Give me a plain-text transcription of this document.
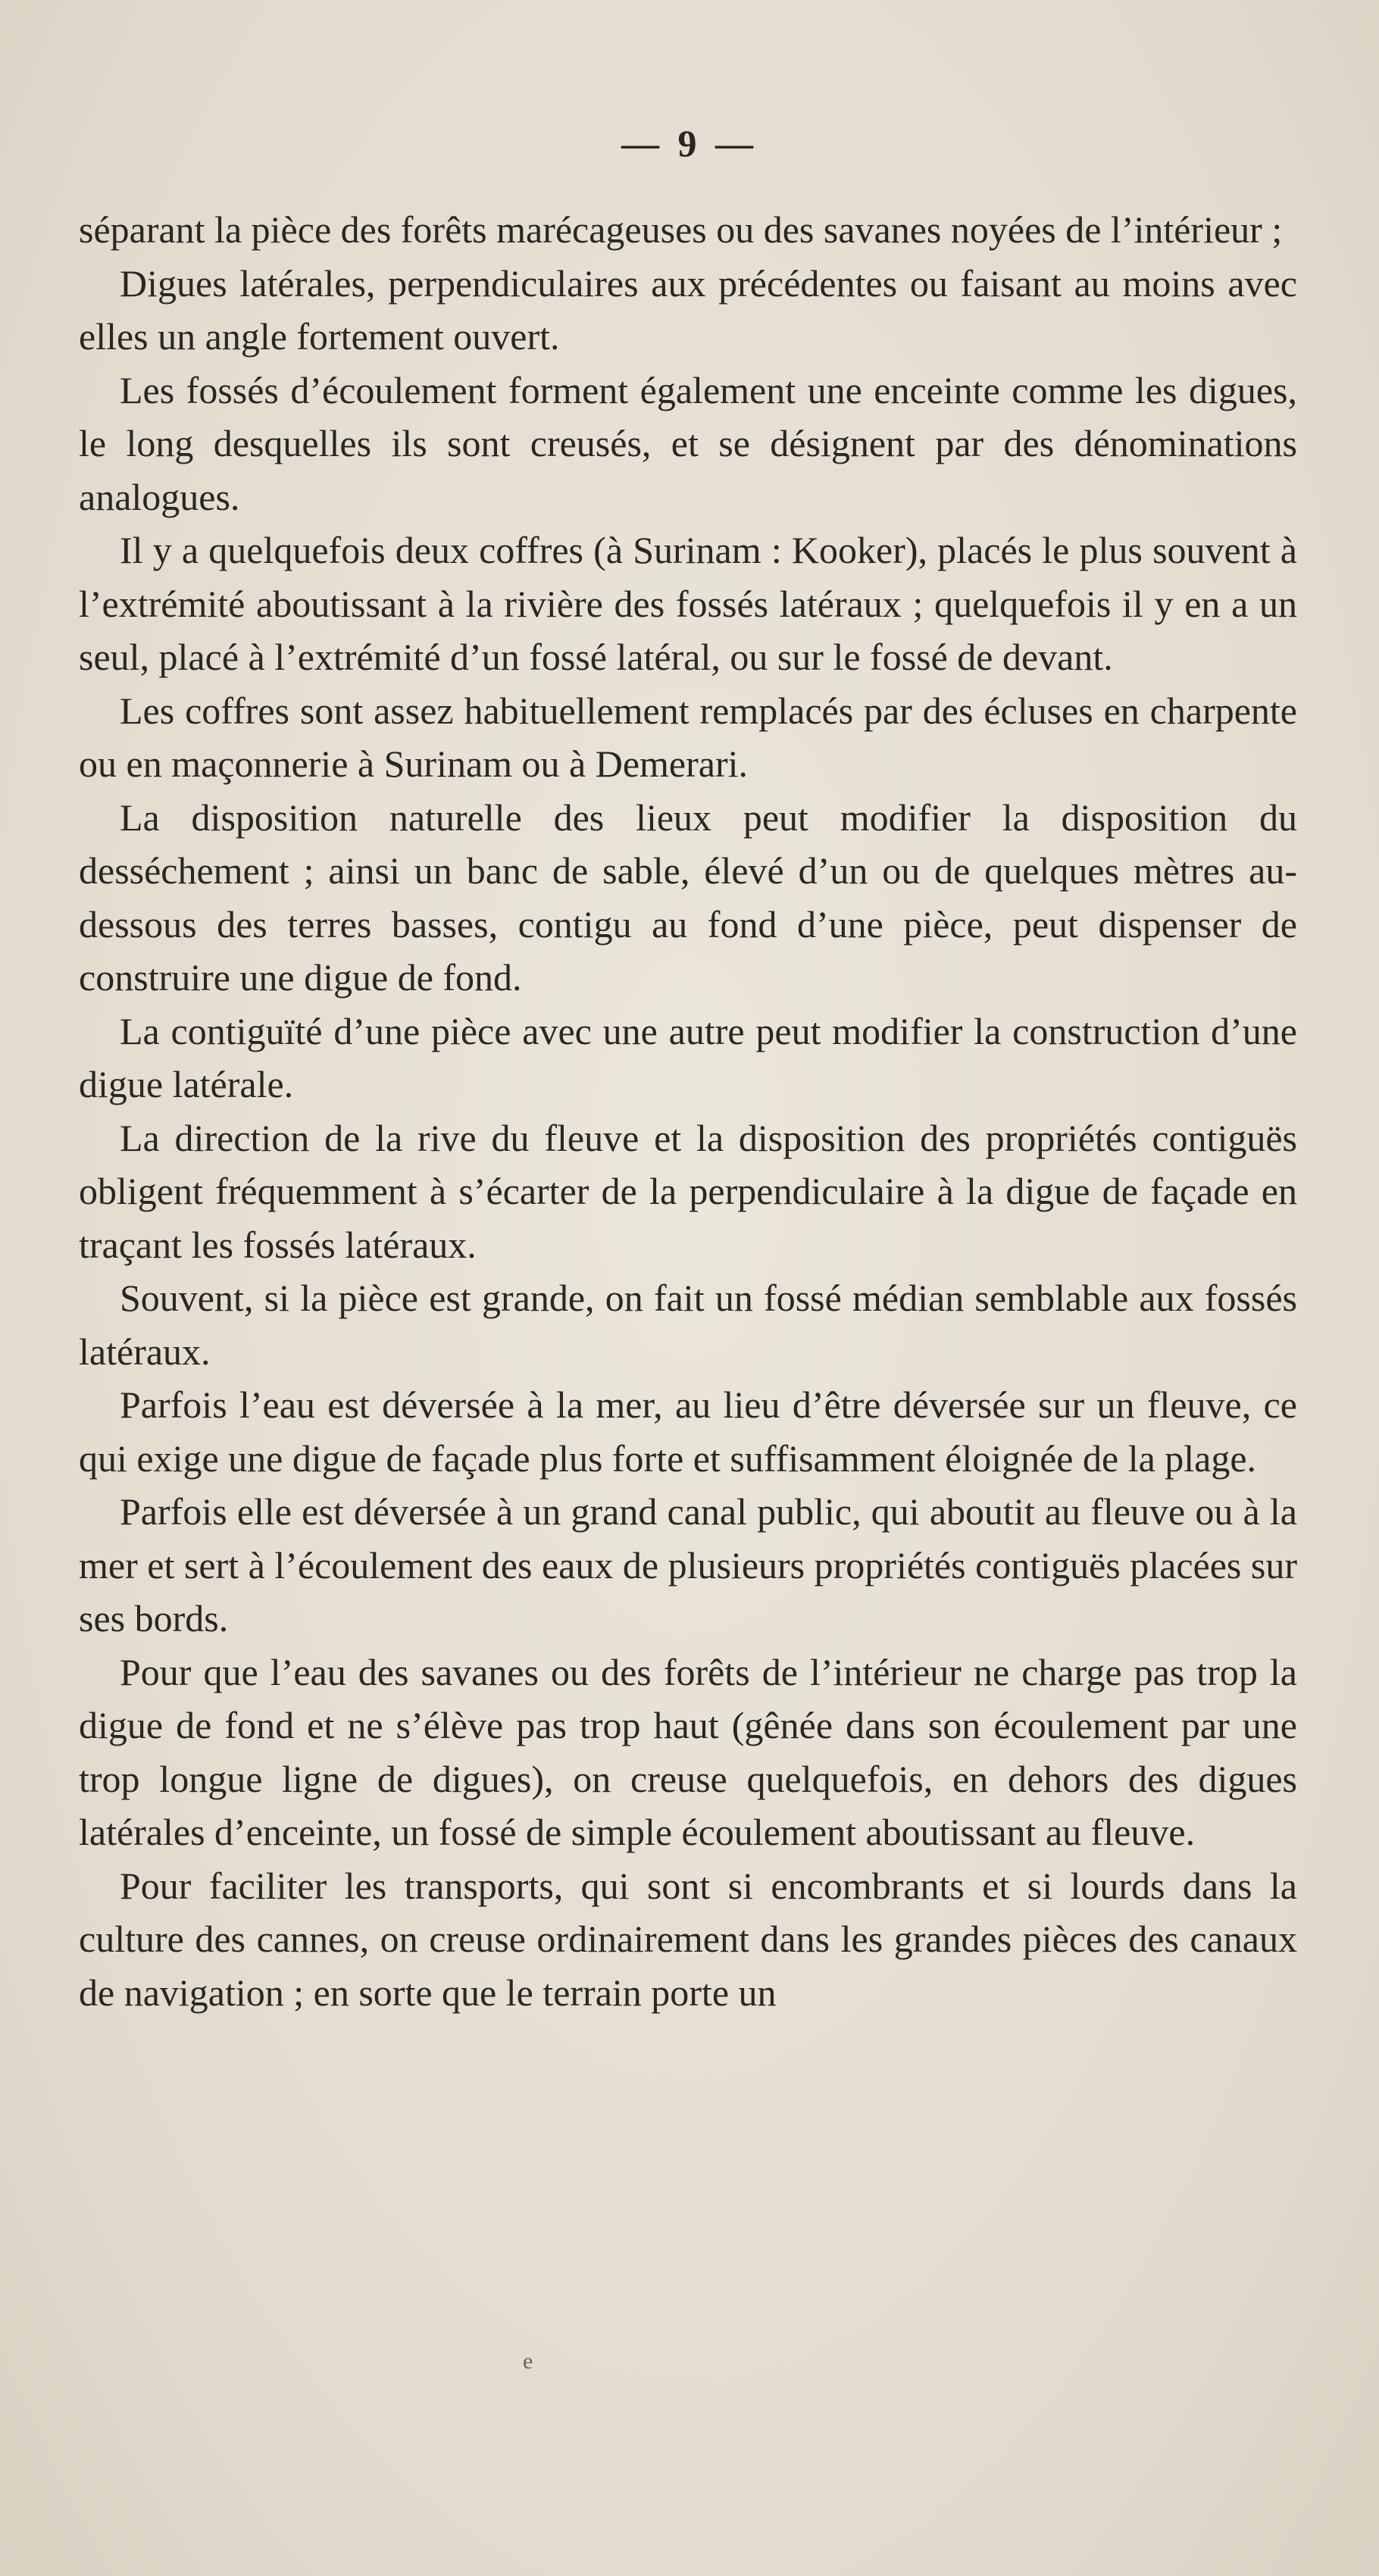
— 9 —

séparant la pièce des forêts marécageuses ou des savanes noyées de l’intérieur ;

Digues latérales, perpendiculaires aux précédentes ou faisant au moins avec elles un angle fortement ouvert.

Les fossés d’écoulement forment également une enceinte comme les digues, le long desquelles ils sont creusés, et se désignent par des dénominations analogues.

Il y a quelquefois deux coffres (à Surinam : Kooker), placés le plus souvent à l’extrémité aboutissant à la rivière des fossés latéraux ; quelquefois il y en a un seul, placé à l’extrémité d’un fossé latéral, ou sur le fossé de devant.

Les coffres sont assez habituellement remplacés par des écluses en charpente ou en maçonnerie à Surinam ou à Demerari.

La disposition naturelle des lieux peut modifier la disposition du desséchement ; ainsi un banc de sable, élevé d’un ou de quelques mètres au-dessous des terres basses, contigu au fond d’une pièce, peut dispenser de construire une digue de fond.

La contiguïté d’une pièce avec une autre peut modifier la construction d’une digue latérale.

La direction de la rive du fleuve et la disposition des propriétés contiguës obligent fréquemment à s’écarter de la perpendiculaire à la digue de façade en traçant les fossés latéraux.

Souvent, si la pièce est grande, on fait un fossé médian semblable aux fossés latéraux.

Parfois l’eau est déversée à la mer, au lieu d’être déversée sur un fleuve, ce qui exige une digue de façade plus forte et suffisamment éloignée de la plage.

Parfois elle est déversée à un grand canal public, qui aboutit au fleuve ou à la mer et sert à l’écoulement des eaux de plusieurs propriétés contiguës placées sur ses bords.

Pour que l’eau des savanes ou des forêts de l’intérieur ne charge pas trop la digue de fond et ne s’élève pas trop haut (gênée dans son écoulement par une trop longue ligne de digues), on creuse quelquefois, en dehors des digues latérales d’enceinte, un fossé de simple écoulement aboutissant au fleuve.

Pour faciliter les transports, qui sont si encombrants et si lourds dans la culture des cannes, on creuse ordinairement dans les grandes pièces des canaux de navigation ; en sorte que le terrain porte un

e
